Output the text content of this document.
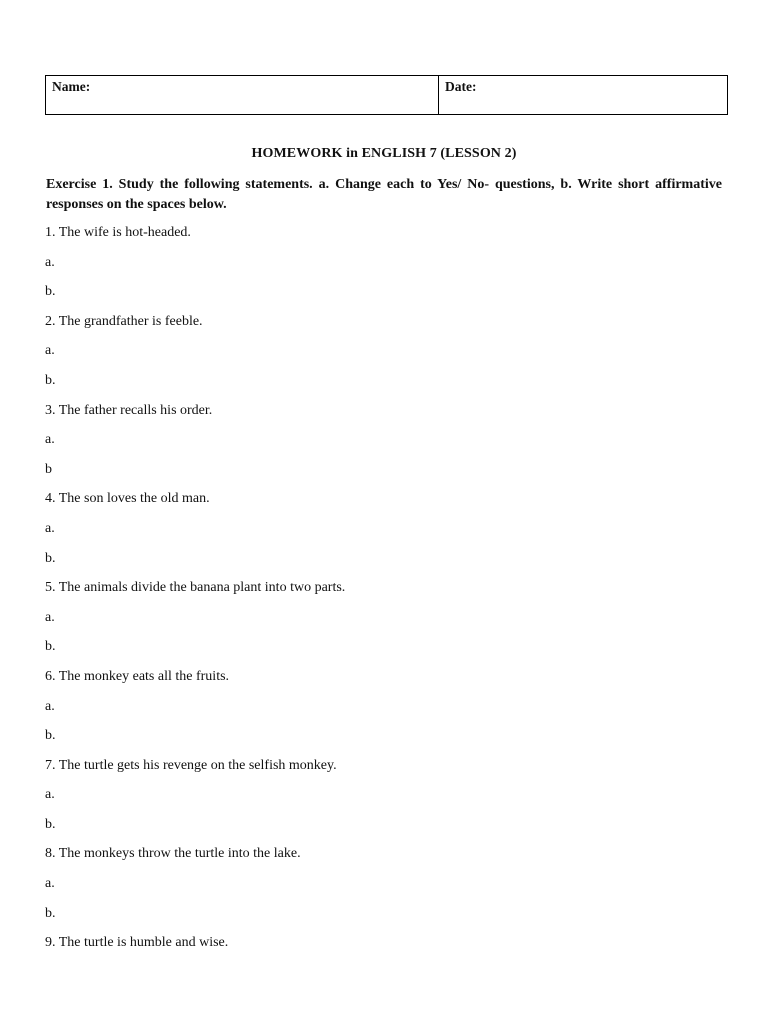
Name:	Date:
HOMEWORK in ENGLISH 7 (LESSON 2)
Exercise 1. Study the following statements. a. Change each to Yes/ No- questions, b. Write short affirmative responses on the spaces below.
1. The wife is hot-headed.
a.
b.
2. The grandfather is feeble.
a.
b.
3. The father recalls his order.
a.
b
4. The son loves the old man.
a.
b.
5. The animals divide the banana plant into two parts.
a.
b.
6. The monkey eats all the fruits.
a.
b.
7. The turtle gets his revenge on the selfish monkey.
a.
b.
8. The monkeys throw the turtle into the lake.
a.
b.
9. The turtle is humble and wise.
